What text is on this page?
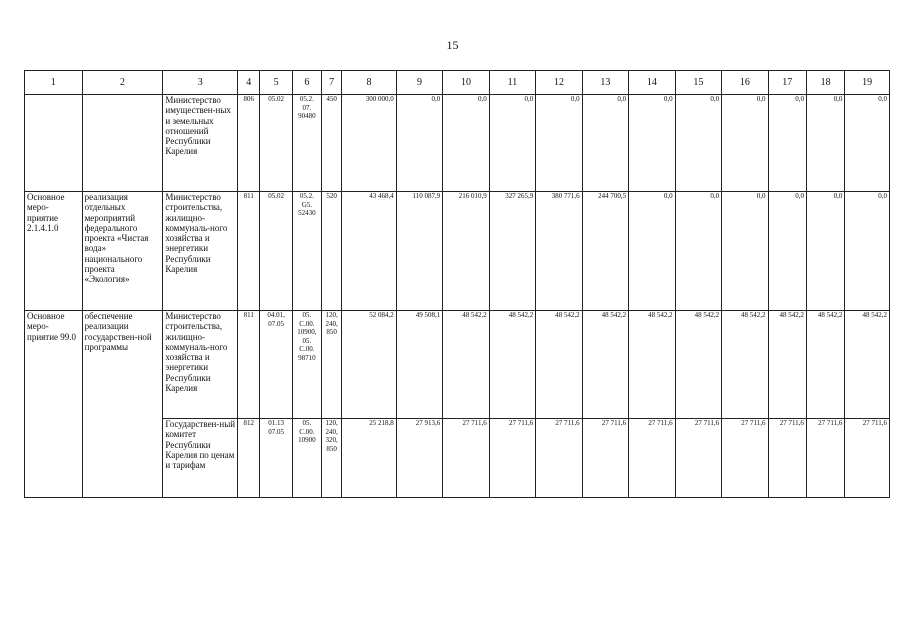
15
1	2	3	4	5	6	7	8	9	10	11	12	13	14	15	16	17	18	19
		Министерство имуществен-ных и земельных отношений Республики Карелия	806	05.02	05.2. 07. 90480	450	300 000,0	0,0	0,0	0,0	0,0	0,0	0,0	0,0	0,0	0,0	0,0	0,0
Основное меро-приятие 2.1.4.1.0	реализация отдельных мероприятий федерального проекта «Чистая вода» национального проекта «Экология»	Министерство строительства, жилищно-коммуналь-ного хозяйства и энергетики Республики Карелия	811	05.02	05.2. G5. 52430	520	43 468,4	110 087,9	216 010,9	327 265,9	380 771,6	244 700,5	0,0	0,0	0,0	0,0	0,0	0,0
Основное меро-приятие 99.0	обеспечение реализации государствен-ной программы	Министерство строительства, жилищно-коммуналь-ного хозяйства и энергетики Республики Карелия	811	04.01, 07.05	05. С.00. 10900, 05. С.00. 98710	120, 240, 850	52 084,2	49 508,1	48 542,2	48 542,2	48 542,2	48 542,2	48 542,2	48 542,2	48 542,2	48 542,2	48 542,2	48 542,2
		Государствен-ный комитет Республики Карелия по ценам и тарифам	812	01.13 07.05	05. С.00. 10900	120, 240, 320, 850	25 218,8	27 913,6	27 711,6	27 711,6	27 711,6	27 711,6	27 711,6	27 711,6	27 711,6	27 711,6	27 711,6	27 711,6
